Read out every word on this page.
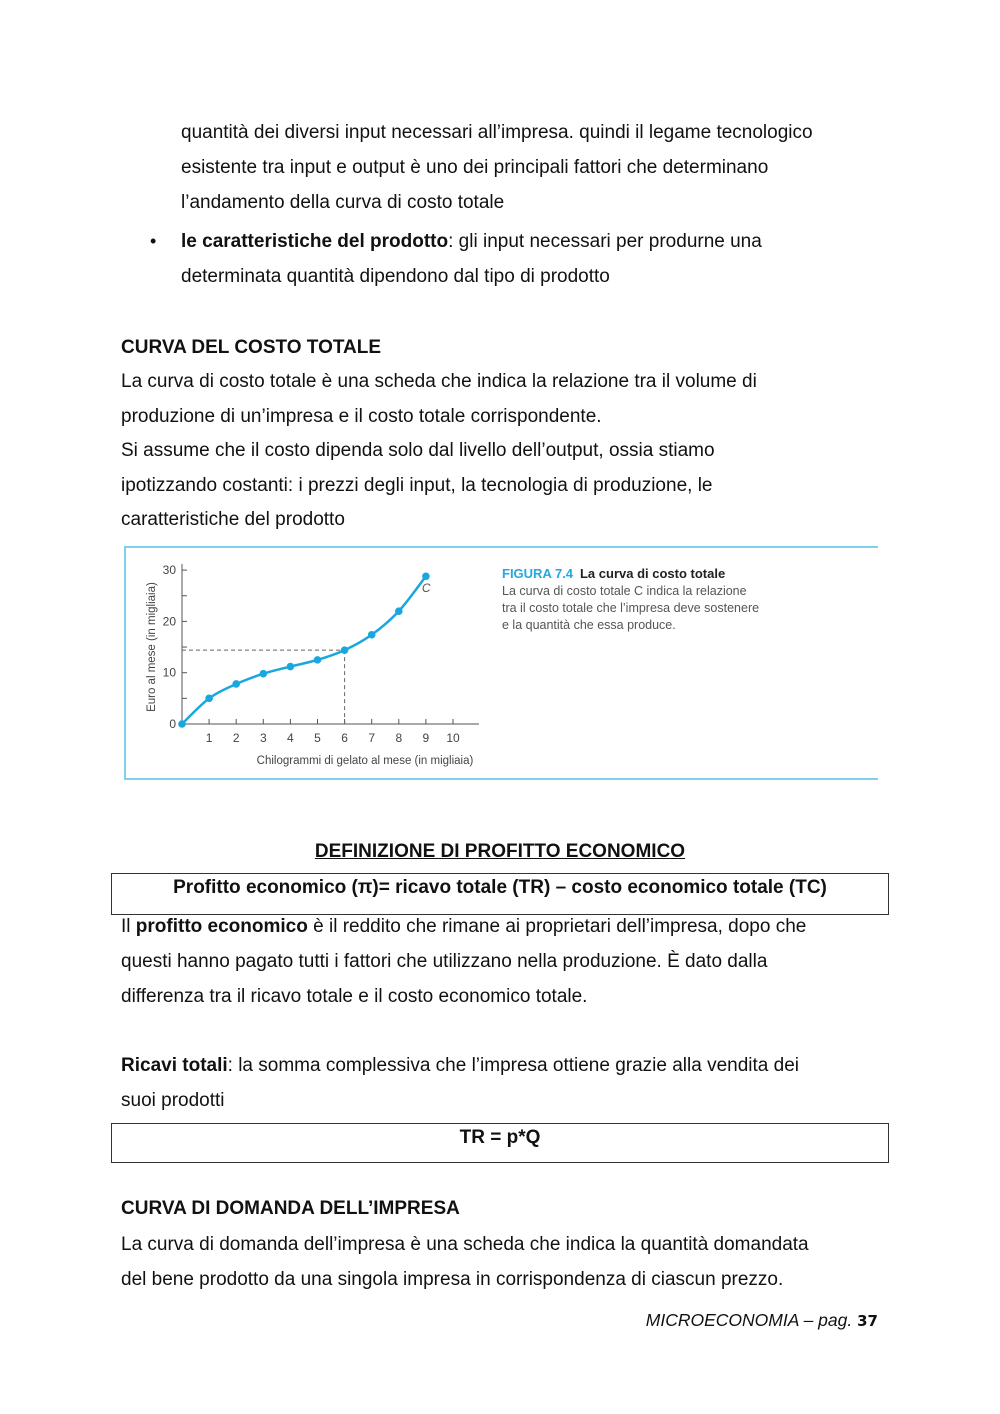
quantità dei diversi input necessari all’impresa. quindi il legame tecnologico
esistente tra input e output è uno dei principali fattori che determinano
l’andamento della curva di costo totale
• le caratteristiche del prodotto: gli input necessari per produrne una
determinata quantità dipendono dal tipo di prodotto
CURVA DEL COSTO TOTALE
La curva di costo totale è una scheda che indica la relazione tra il volume di
produzione di un’impresa e il costo totale corrispondente.
Si assume che il costo dipenda solo dal livello dell’output, ossia stiamo
ipotizzando costanti: i prezzi degli input, la tecnologia di produzione, le
caratteristiche del prodotto
1 2 3 4 5 6 7 8 9 10
0
10
20
30
Euro al mese (in migliaia)
Chilogrammi di gelato al mese (in migliaia)
C
FIGURA 7.4 La curva di costo totale
La curva di costo totale C indica la relazione
tra il costo totale che l’impresa deve sostenere
e la quantità che essa produce.
DEFINIZIONE DI PROFITTO ECONOMICO
Profitto economico (π)= ricavo totale (TR) – costo economico totale (TC)
Il profitto economico è il reddito che rimane ai proprietari dell’impresa, dopo che
questi hanno pagato tutti i fattori che utilizzano nella produzione. È dato dalla
differenza tra il ricavo totale e il costo economico totale.
Ricavi totali: la somma complessiva che l’impresa ottiene grazie alla vendita dei
suoi prodotti
TR = p*Q
CURVA DI DOMANDA DELL’IMPRESA
La curva di domanda dell’impresa è una scheda che indica la quantità domandata
del bene prodotto da una singola impresa in corrispondenza di ciascun prezzo.
MICROECONOMIA – pag. 37
